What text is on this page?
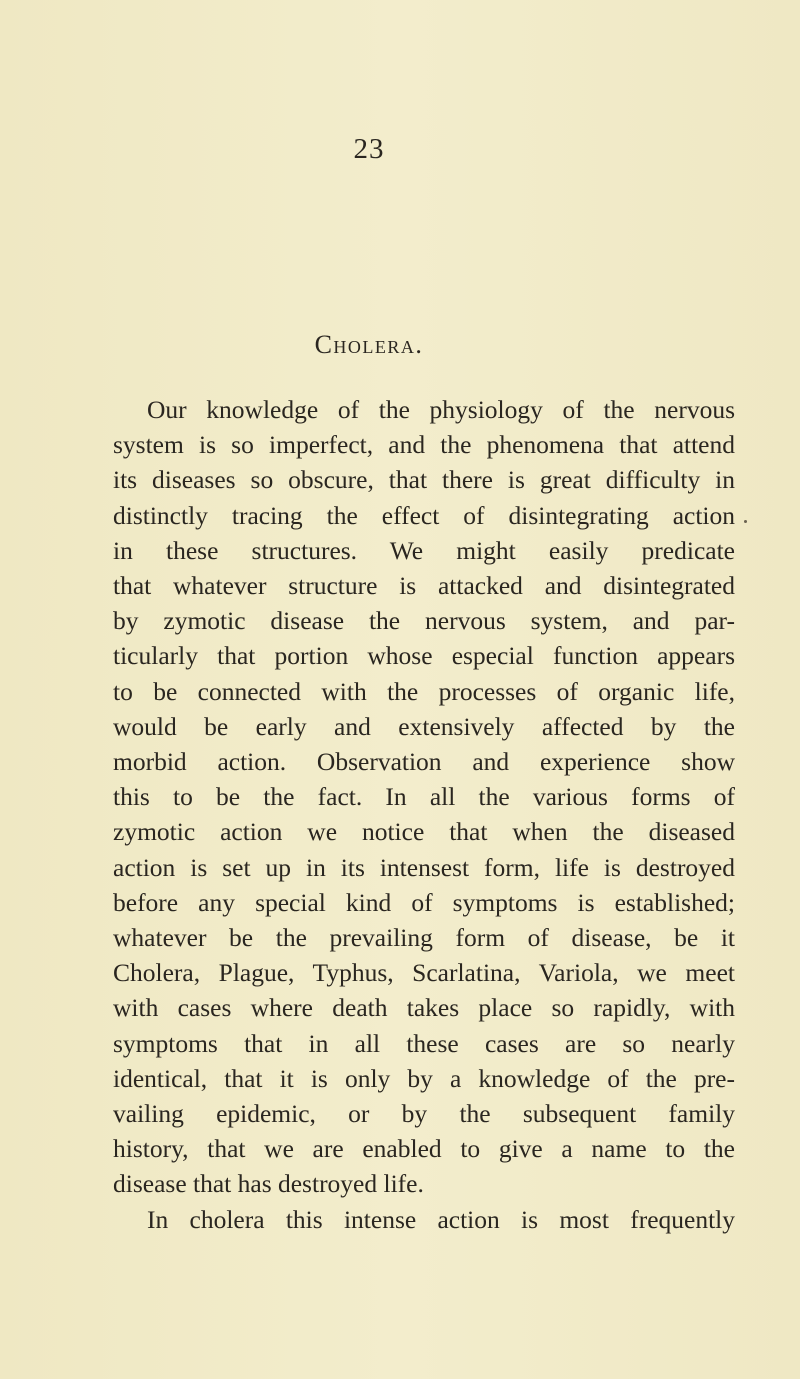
23
Cholera.
Our knowledge of the physiology of the nervous
system is so imperfect, and the phenomena that attend
its diseases so obscure, that there is great difficulty in
distinctly tracing the effect of disintegrating action
in these structures. We might easily predicate
that whatever structure is attacked and disintegrated
by zymotic disease the nervous system, and par-
ticularly that portion whose especial function appears
to be connected with the processes of organic life,
would be early and extensively affected by the
morbid action. Observation and experience show
this to be the fact. In all the various forms of
zymotic action we notice that when the diseased
action is set up in its intensest form, life is destroyed
before any special kind of symptoms is established;
whatever be the prevailing form of disease, be it
Cholera, Plague, Typhus, Scarlatina, Variola, we meet
with cases where death takes place so rapidly, with
symptoms that in all these cases are so nearly
identical, that it is only by a knowledge of the pre-
vailing epidemic, or by the subsequent family
history, that we are enabled to give a name to the
disease that has destroyed life.
In cholera this intense action is most frequently
